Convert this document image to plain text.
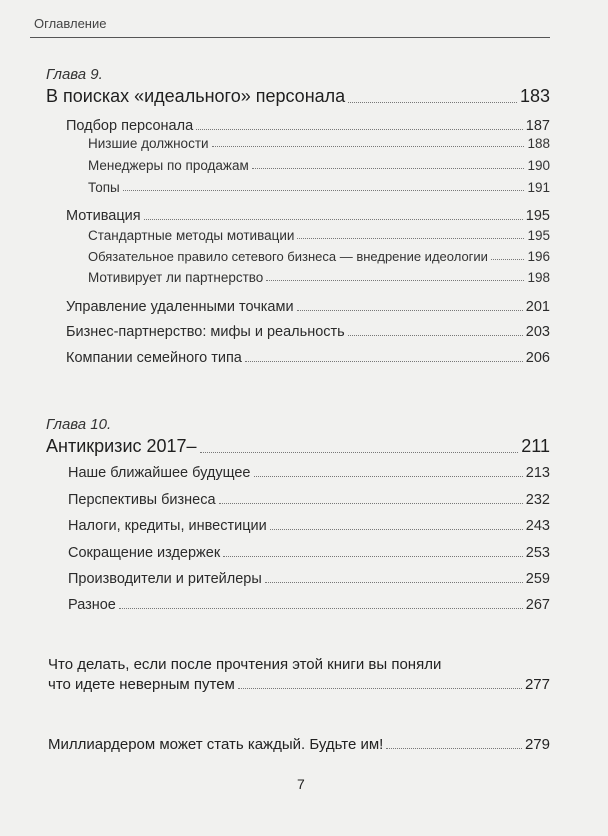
Оглавление
Глава 9.
В поисках «идеального» персонала	183
Подбор персонала	187
Низшие должности	188
Менеджеры по продажам	190
Топы	191
Мотивация	195
Стандартные методы мотивации	195
Обязательное правило сетевого бизнеса — внедрение идеологии	196
Мотивирует ли партнерство	198
Управление удаленными точками	201
Бизнес-партнерство: мифы и реальность	203
Компании семейного типа	206
Глава 10.
Антикризис 2017–	211
Наше ближайшее будущее	213
Перспективы бизнеса	232
Налоги, кредиты, инвестиции	243
Сокращение издержек	253
Производители и ритейлеры	259
Разное	267
Что делать, если после прочтения этой книги вы поняли
что идете неверным путем	277
Миллиардером может стать каждый. Будьте им!	279
7
